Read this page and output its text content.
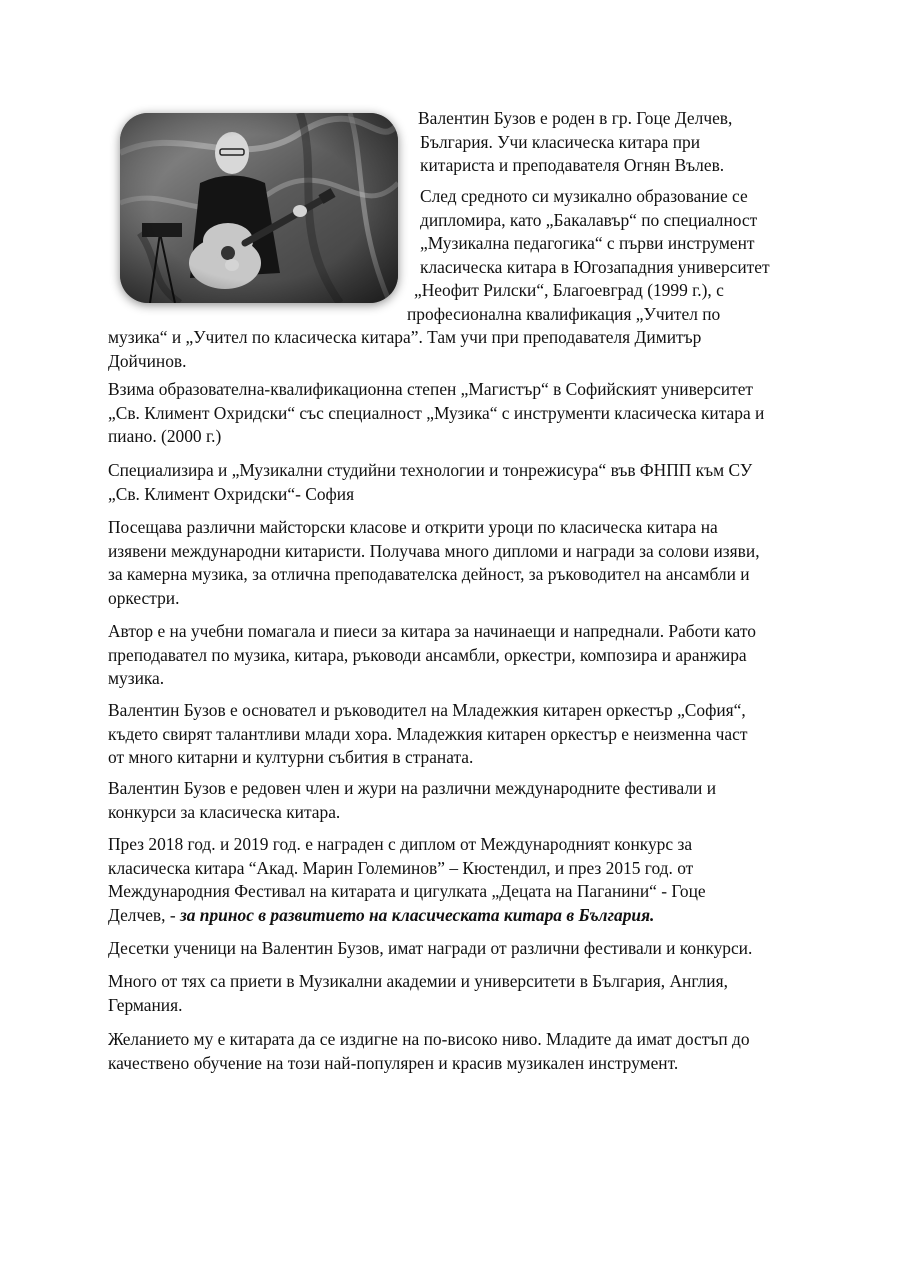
Валентин Бузов е роден в гр. Гоце Делчев,
България. Учи класическа китара при
китариста и преподавателя Огнян Вълев.

След средното си музикално образование се
дипломира, като „Бакалавър“ по специалност
„Музикална педагогика“ с първи инструмент
класическа китара в Югозападния университет
„Неофит Рилски“, Благоевград (1999 г.), с
професионална квалификация „Учител по
музика“ и „Учител по класическа китара”. Там учи при преподавателя Димитър
Дойчинов.

Взима образователна-квалификационна степен „Магистър“ в Софийският университет
„Св. Климент Охридски“ със специалност „Музика“ с инструменти класическа китара и
пиано. (2000 г.)

Специализира и „Музикални студийни технологии и тонрежисура“ във ФНПП към СУ
„Св. Климент Охридски“- София

Посещава различни майсторски класове и открити уроци по класическа китара на
изявени международни китаристи. Получава много дипломи и награди за солови изяви,
за камерна музика, за отлична преподавателска дейност, за ръководител на ансамбли и
оркестри.

Автор е на учебни помагала и пиеси за китара за начинаещи и напреднали. Работи като
преподавател по музика, китара, ръководи ансамбли, оркестри, композира и аранжира
музика.

Валентин Бузов е основател и ръководител на Младежкия китарен оркестър „София“,
където свирят талантливи млади хора. Младежкия китарен оркестър е неизменна част
от много китарни и културни събития в страната.

Валентин Бузов е редовен член и жури на различни международните фестивали и
конкурси за класическа китара.

През 2018 год. и 2019 год. е награден с диплом от Международният конкурс за
класическа китара “Акад. Марин Големинов” – Кюстендил, и през 2015 год. от
Международния Фестивал на китарата и цигулката „Децата на Паганини“ - Гоце
Делчев, - за принос в развитието на класическата китара в България.

Десетки ученици на Валентин Бузов, имат награди от различни фестивали и конкурси.

Много от тях са приети в Музикални академии и университети в България, Англия,
Германия.

Желанието му е китарата да се издигне на по-високо ниво. Младите да имат достъп до
качествено обучение на този най-популярен и красив музикален инструмент.
